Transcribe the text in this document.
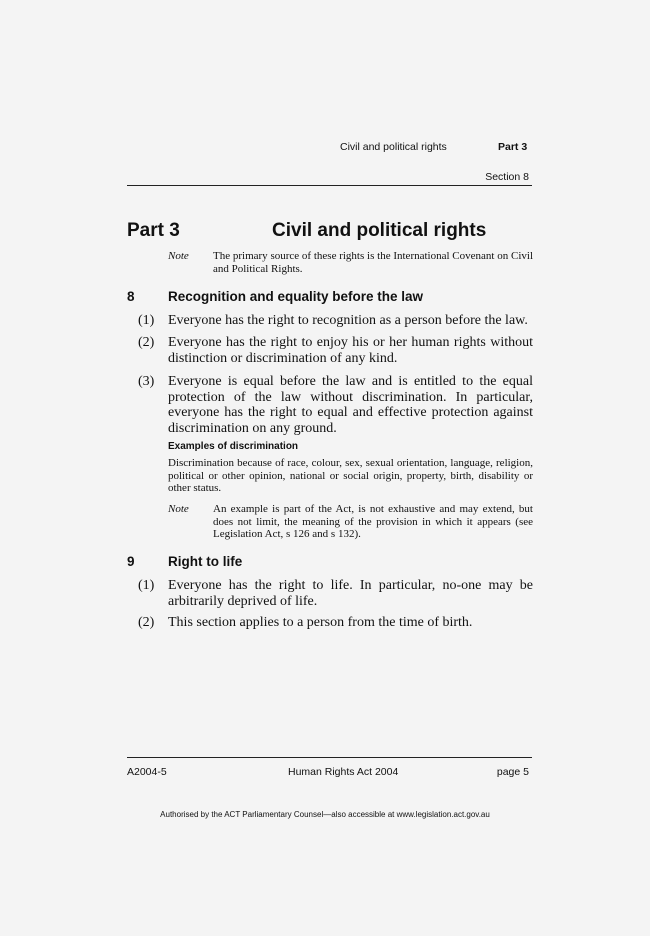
Civil and political rights	Part 3
Section 8
Part 3	Civil and political rights
Note The primary source of these rights is the International Covenant on Civil and Political Rights.
8 Recognition and equality before the law
(1) Everyone has the right to recognition as a person before the law.
(2) Everyone has the right to enjoy his or her human rights without distinction or discrimination of any kind.
(3) Everyone is equal before the law and is entitled to the equal protection of the law without discrimination. In particular, everyone has the right to equal and effective protection against discrimination on any ground.
Examples of discrimination
Discrimination because of race, colour, sex, sexual orientation, language, religion, political or other opinion, national or social origin, property, birth, disability or other status.
Note An example is part of the Act, is not exhaustive and may extend, but does not limit, the meaning of the provision in which it appears (see Legislation Act, s 126 and s 132).
9 Right to life
(1) Everyone has the right to life. In particular, no-one may be arbitrarily deprived of life.
(2) This section applies to a person from the time of birth.
A2004-5	Human Rights Act 2004	page 5
Authorised by the ACT Parliamentary Counsel—also accessible at www.legislation.act.gov.au
